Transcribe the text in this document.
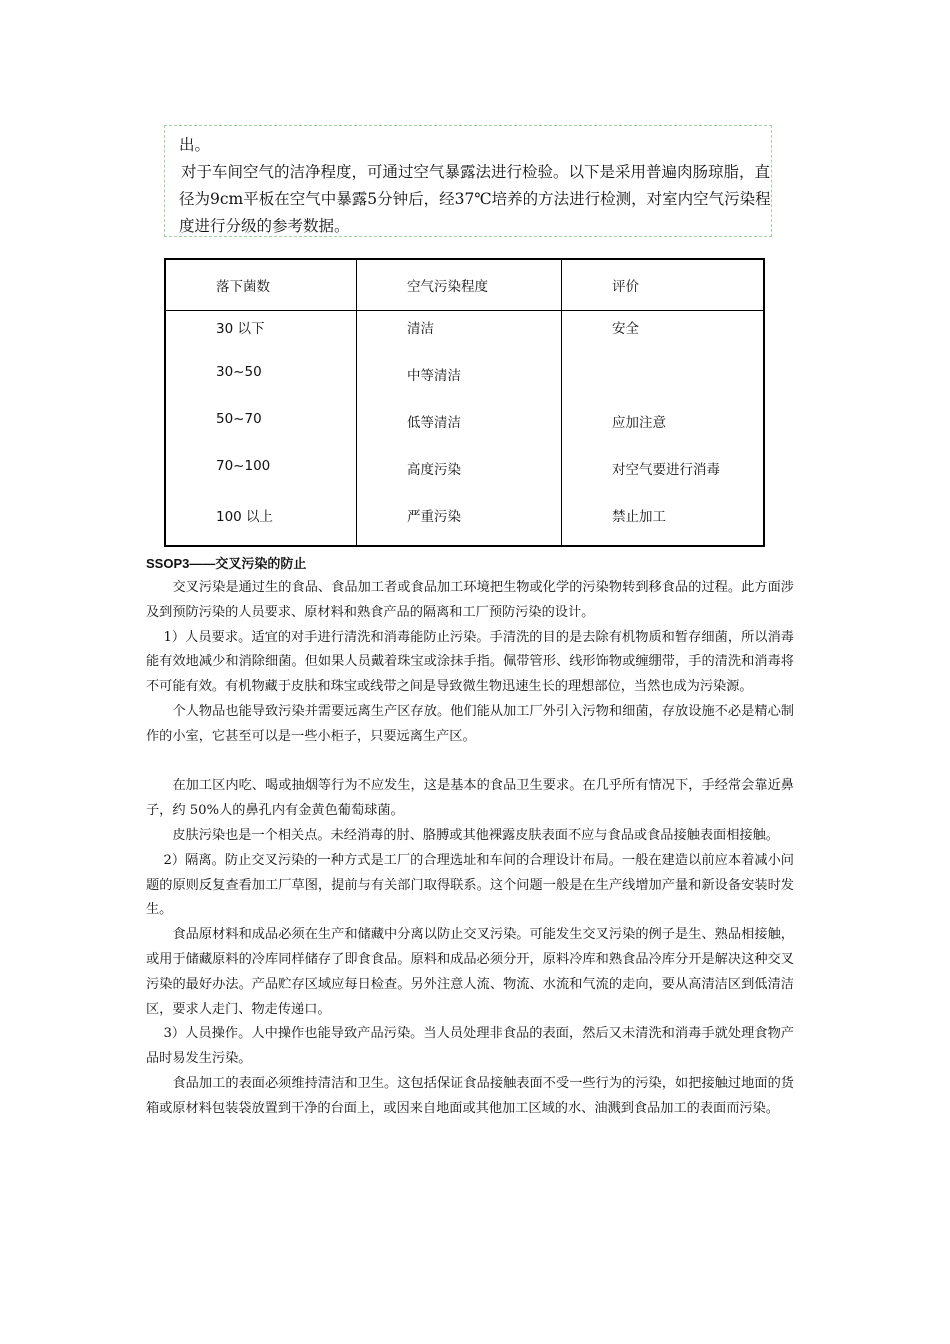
出。

对于车间空气的洁净程度，可通过空气暴露法进行检验。以下是采用普遍肉肠琼脂，直径为9cm平板在空气中暴露5分钟后，经37℃培养的方法进行检测，对室内空气污染程度进行分级的参考数据。

落下菌数	空气污染程度	评价
30 以下	清洁	安全
30~50	中等清洁	
50~70	低等清洁	应加注意
70~100	高度污染	对空气要进行消毒
100 以上	严重污染	禁止加工
SSOP3——交叉污染的防止

　　交叉污染是通过生的食品、食品加工者或食品加工环境把生物或化学的污染物转到移食品的过程。此方面涉及到预防污染的人员要求、原材料和熟食产品的隔离和工厂预防污染的设计。

　 1）人员要求。适宜的对手进行清洗和消毒能防止污染。手清洗的目的是去除有机物质和暂存细菌，所以消毒能有效地减少和消除细菌。但如果人员戴着珠宝或涂抹手指。佩带管形、线形饰物或缠绷带，手的清洗和消毒将不可能有效。有机物藏于皮肤和珠宝或线带之间是导致微生物迅速生长的理想部位，当然也成为污染源。

　　个人物品也能导致污染并需要远离生产区存放。他们能从加工厂外引入污物和细菌，存放设施不必是精心制作的小室，它甚至可以是一些小柜子，只要远离生产区。

　　在加工区内吃、喝或抽烟等行为不应发生，这是基本的食品卫生要求。在几乎所有情况下，手经常会靠近鼻子，约 50%人的鼻孔内有金黄色葡萄球菌。

　　皮肤污染也是一个相关点。未经消毒的肘、胳膊或其他裸露皮肤表面不应与食品或食品接触表面相接触。

　 2）隔离。防止交叉污染的一种方式是工厂的合理选址和车间的合理设计布局。一般在建造以前应本着减小问题的原则反复查看加工厂草图，提前与有关部门取得联系。这个问题一般是在生产线增加产量和新设备安装时发生。

　　食品原材料和成品必须在生产和储藏中分离以防止交叉污染。可能发生交叉污染的例子是生、熟品相接触，或用于储藏原料的冷库同样储存了即食食品。原料和成品必须分开，原料冷库和熟食品冷库分开是解决这种交叉污染的最好办法。产品贮存区域应每日检查。另外注意人流、物流、水流和气流的走向，要从高清洁区到低清洁区，要求人走门、物走传递口。

　 3）人员操作。人中操作也能导致产品污染。当人员处理非食品的表面，然后又未清洗和消毒手就处理食物产品时易发生污染。

　　食品加工的表面必须维持清洁和卫生。这包括保证食品接触表面不受一些行为的污染，如把接触过地面的货箱或原材料包装袋放置到干净的台面上，或因来自地面或其他加工区域的水、油溅到食品加工的表面而污染。
